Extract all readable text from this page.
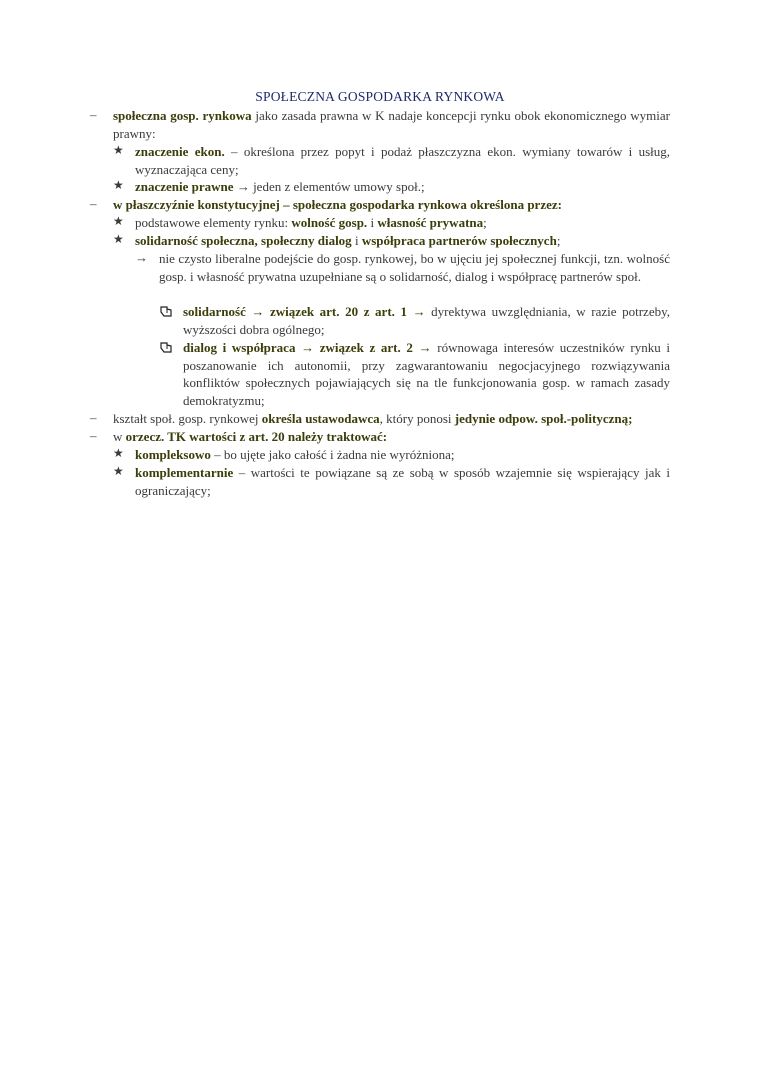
SPOŁECZNA GOSPODARKA RYNKOWA
–	społeczna gosp. rynkowa jako zasada prawna w K nadaje koncepcji rynku obok ekonomicznego wymiar prawny:
★ znaczenie ekon. – określona przez popyt i podaż płaszczyzna ekon. wymiany towarów i usług, wyznaczająca ceny;
★ znaczenie prawne → jeden z elementów umowy społ.;
–	w płaszczyźnie konstytucyjnej – społeczna gospodarka rynkowa określona przez:
★ podstawowe elementy rynku: wolność gosp. i własność prywatna;
★ solidarność społeczna, społeczny dialog i współpraca partnerów społecznych;
→ nie czysto liberalne podejście do gosp. rynkowej, bo w ujęciu jej społecznej funkcji, tzn. wolność gosp. i własność prywatna uzupełniane są o solidarność, dialog i współpracę partnerów społ.
solidarność → związek art. 20 z art. 1 → dyrektywa uwzględniania, w razie potrzeby, wyższości dobra ogólnego;
dialog i współpraca → związek z art. 2 → równowaga interesów uczestników rynku i poszanowanie ich autonomii, przy zagwarantowaniu negocjacyjnego rozwiązywania konfliktów społecznych pojawiających się na tle funkcjonowania gosp. w ramach zasady demokratyzmu;
–	kształt społ. gosp. rynkowej określa ustawodawca, który ponosi jedynie odpow. społ.-polityczną;
–	w orzecz. TK wartości z art. 20 należy traktować:
★ kompleksowo – bo ujęte jako całość i żadna nie wyróżniona;
★ komplementarnie – wartości te powiązane są ze sobą w sposób wzajemnie się wspierający jak i ograniczający;
